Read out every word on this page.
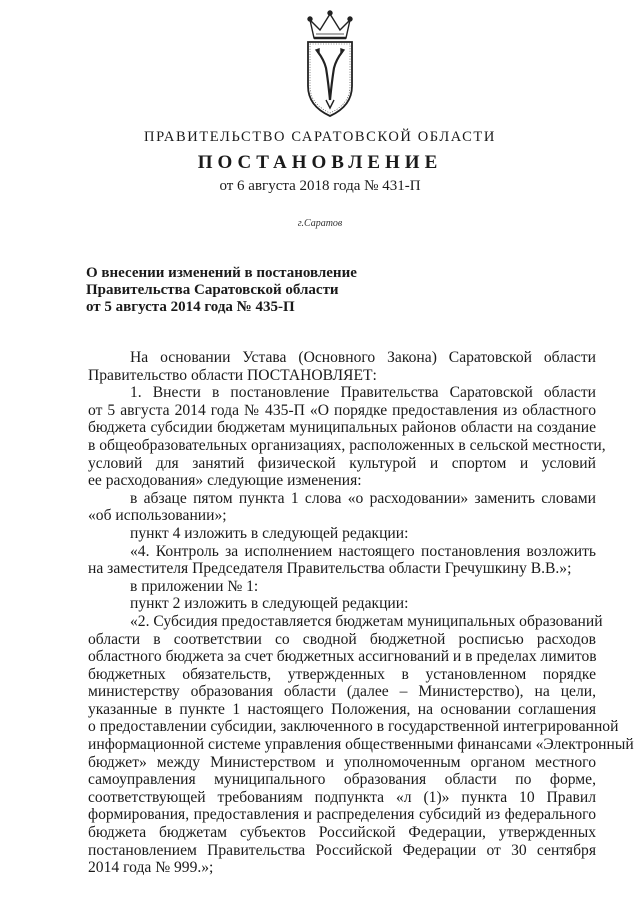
ПРАВИТЕЛЬСТВО САРАТОВСКОЙ ОБЛАСТИ
ПОСТАНОВЛЕНИЕ
от 6 августа 2018 года № 431-П
г.Саратов
О внесении изменений в постановление
Правительства Саратовской области
от 5 августа 2014 года № 435-П
На основании Устава (Основного Закона) Саратовской области
Правительство области ПОСТАНОВЛЯЕТ:
1. Внести в постановление Правительства Саратовской области
от 5 августа 2014 года № 435-П «О порядке предоставления из областного
бюджета субсидии бюджетам муниципальных районов области на создание
в общеобразовательных организациях, расположенных в сельской местности,
условий для занятий физической культурой и спортом и условий
ее расходования» следующие изменения:
в абзаце пятом пункта 1 слова «о расходовании» заменить словами
«об использовании»;
пункт 4 изложить в следующей редакции:
«4. Контроль за исполнением настоящего постановления возложить
на заместителя Председателя Правительства области Гречушкину В.В.»;
в приложении № 1:
пункт 2 изложить в следующей редакции:
«2. Субсидия предоставляется бюджетам муниципальных образований
области в соответствии со сводной бюджетной росписью расходов
областного бюджета за счет бюджетных ассигнований и в пределах лимитов
бюджетных обязательств, утвержденных в установленном порядке
министерству образования области (далее – Министерство), на цели,
указанные в пункте 1 настоящего Положения, на основании соглашения
о предоставлении субсидии, заключенного в государственной интегрированной
информационной системе управления общественными финансами «Электронный
бюджет» между Министерством и уполномоченным органом местного
самоуправления муниципального образования области по форме,
соответствующей требованиям подпункта «л (1)» пункта 10 Правил
формирования, предоставления и распределения субсидий из федерального
бюджета бюджетам субъектов Российской Федерации, утвержденных
постановлением Правительства Российской Федерации от 30 сентября
2014 года № 999.»;
